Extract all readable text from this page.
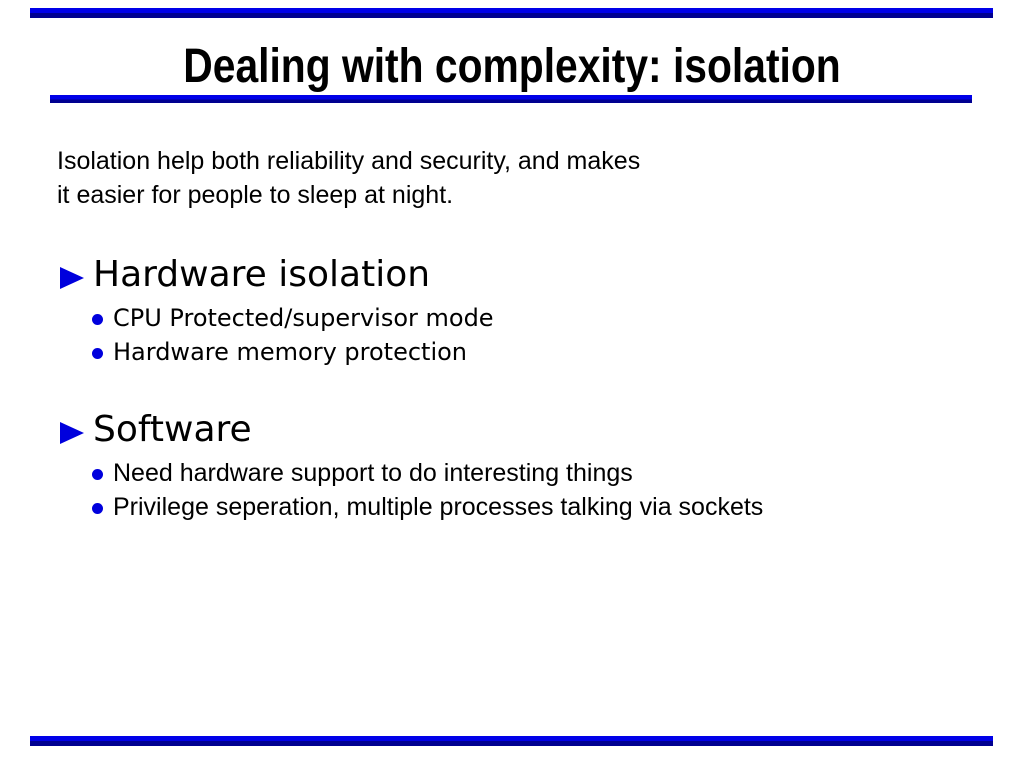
Dealing with complexity: isolation
Isolation help both reliability and security, and makes
it easier for people to sleep at night.
Hardware isolation
CPU Protected/supervisor mode
Hardware memory protection
Software
Need hardware support to do interesting things
Privilege seperation, multiple processes talking via sockets
